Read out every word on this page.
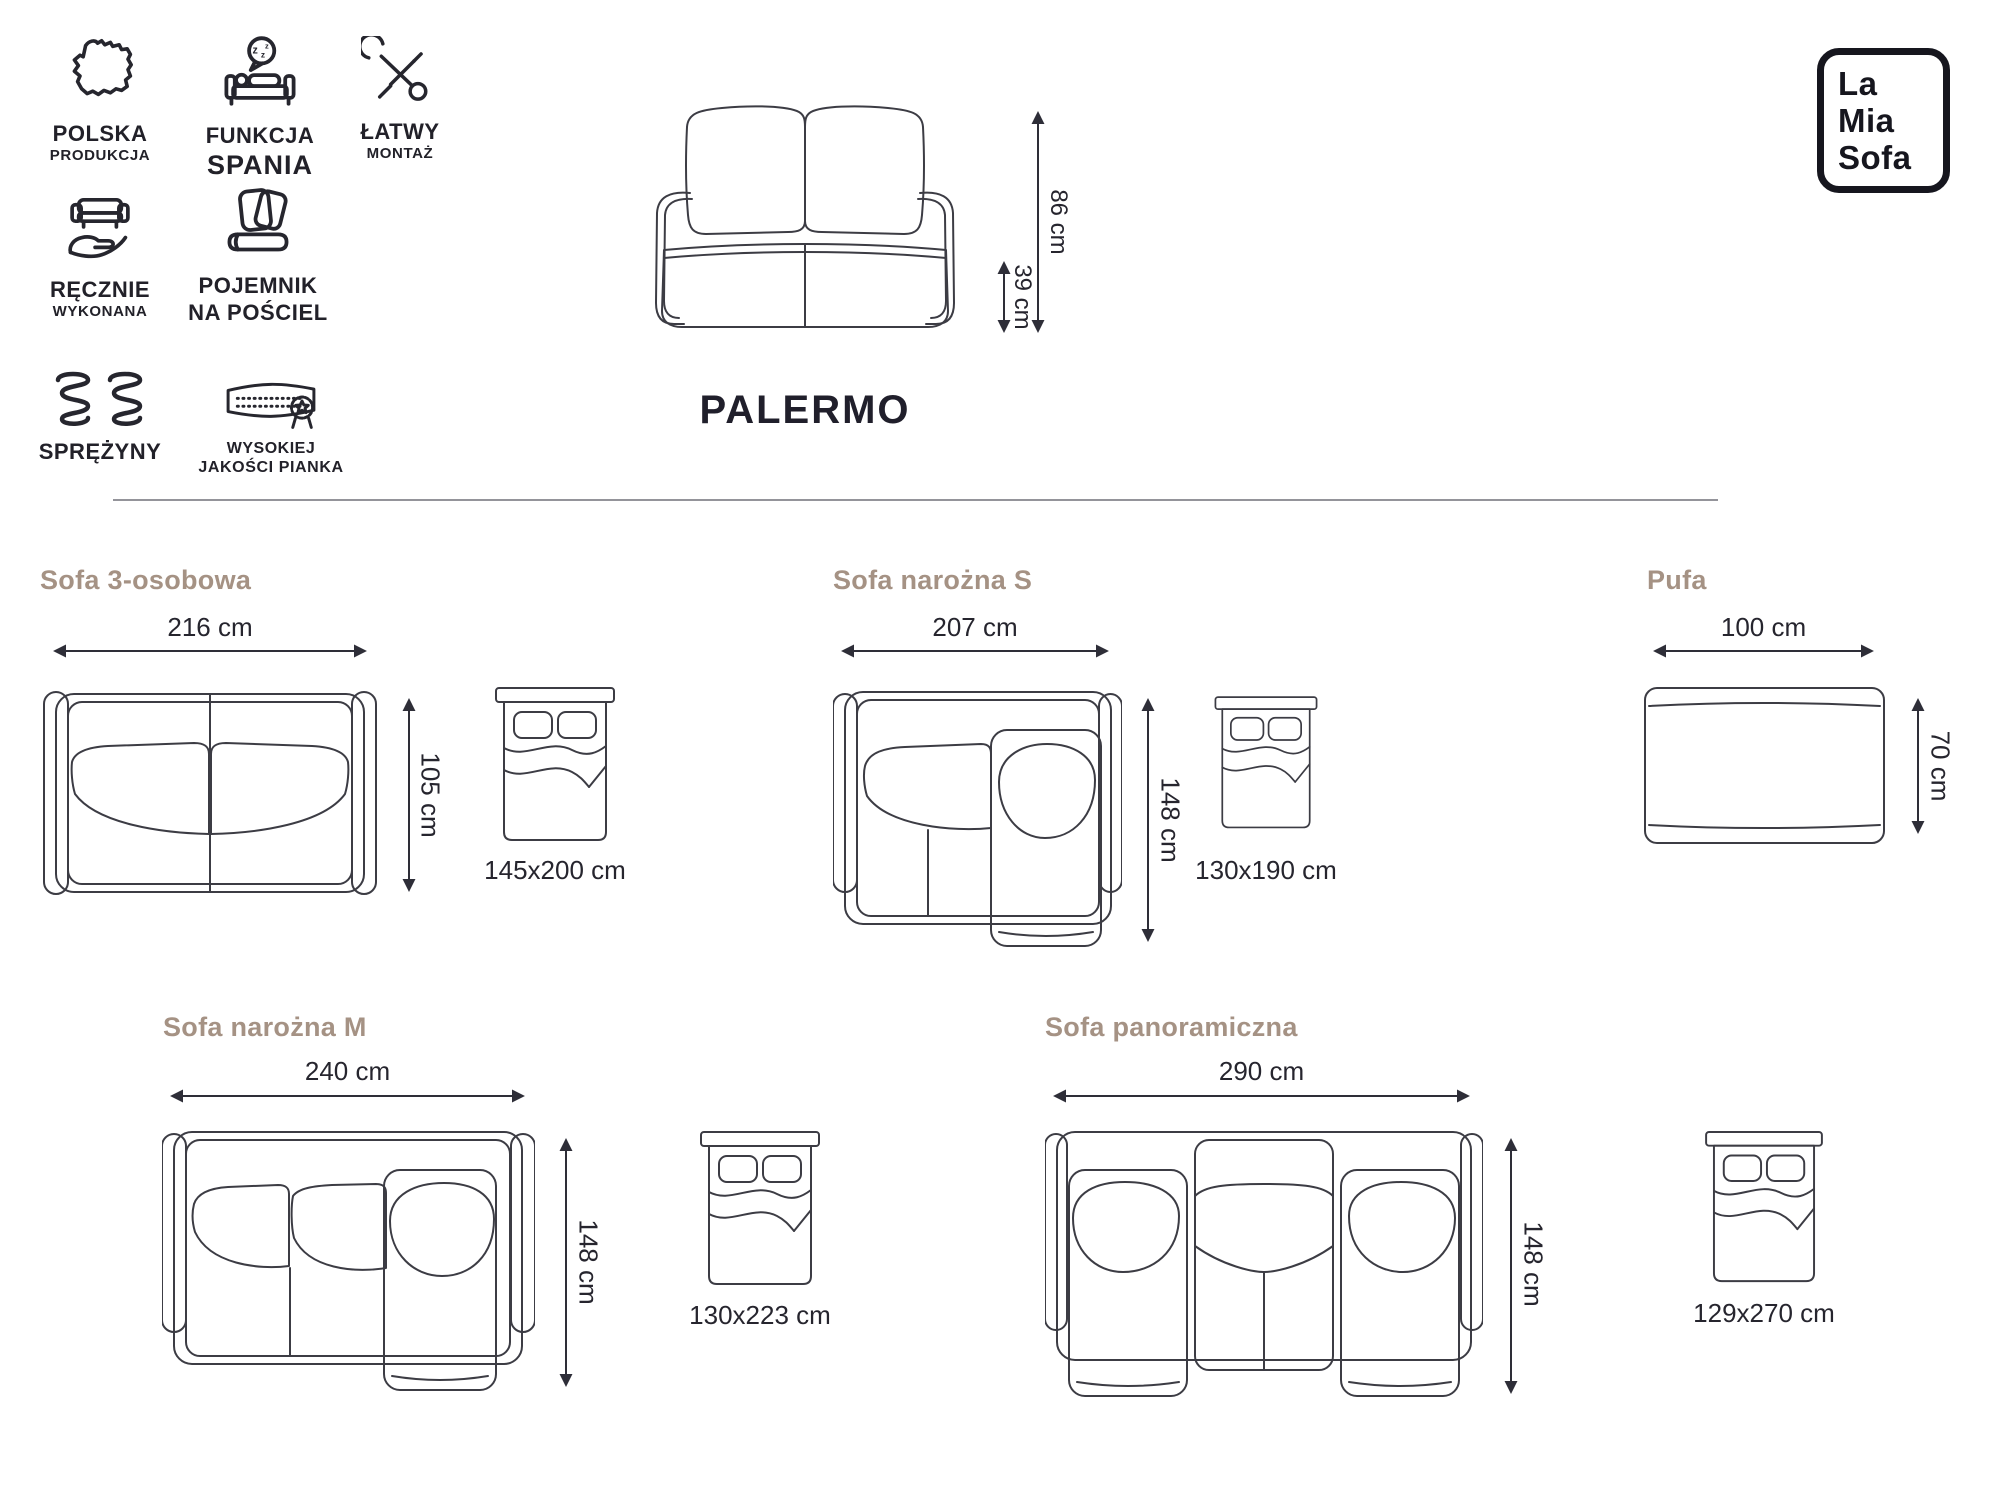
POLSKA
PRODUKCJA
z z
z
FUNKCJA
SPANIA
ŁATWY
MONTAŻ
RĘCZNIE
WYKONANA
POJEMNIK
NA POŚCIEL
SPRĘŻYNY	WYSOKIEJ
JAKOŚCI PIANKA
39 cm
86 cm
PALERMO
La
Mia
Sofa
Sofa 3-osobowa
216 cm
105 cm
145x200 cm
Sofa narożna S
207 cm
148 cm
130x190 cm
Pufa
100 cm
70 cm
Sofa narożna M
240 cm
148 cm
130x223 cm
Sofa panoramiczna
290 cm
148 cm
129x270 cm
